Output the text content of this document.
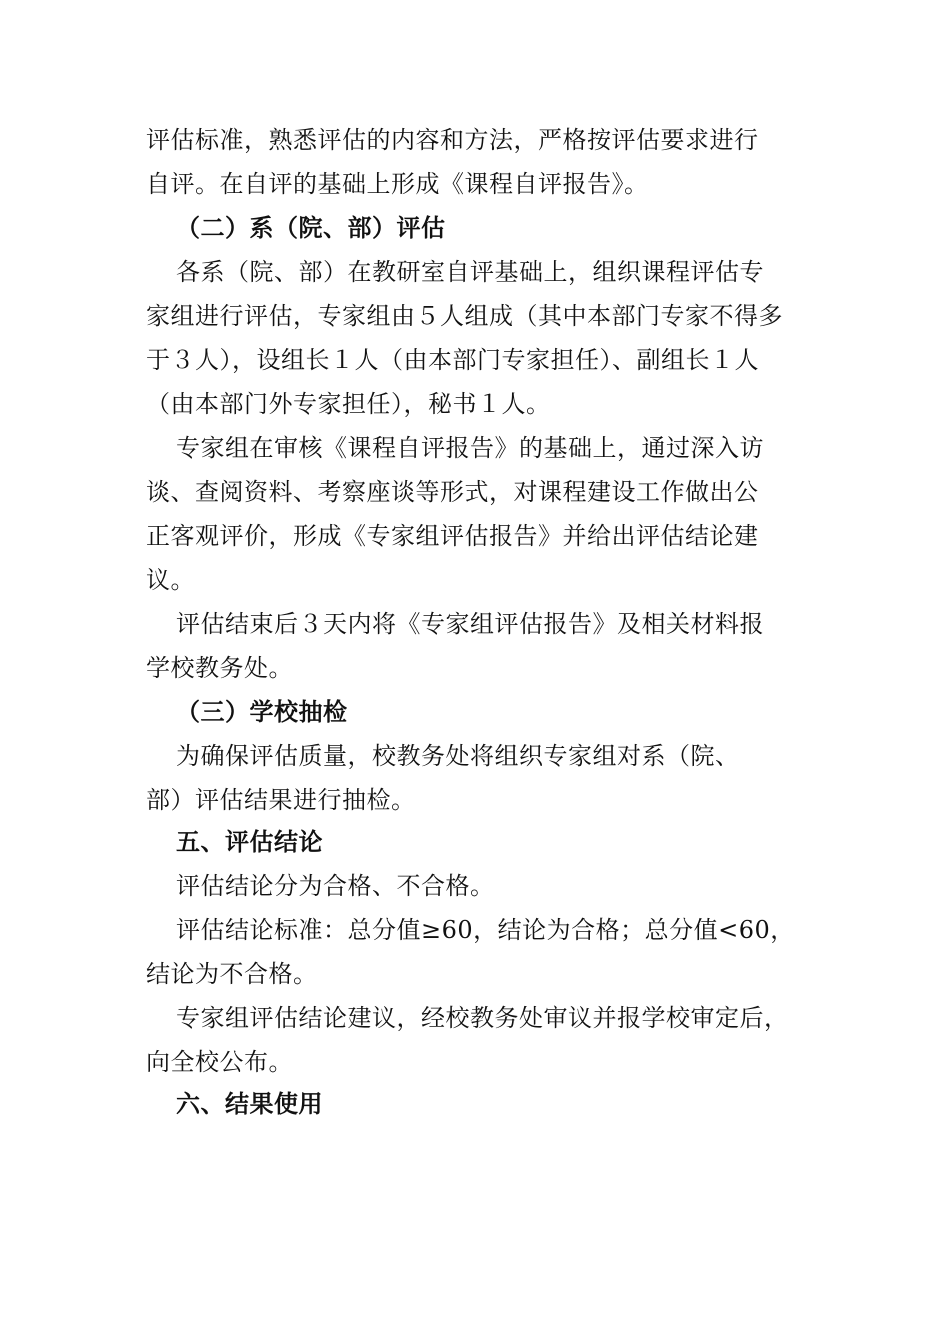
评估标准，熟悉评估的内容和方法，严格按评估要求进行
自评。在自评的基础上形成《课程自评报告》。
（二）系（院、部）评估
各系（院、部）在教研室自评基础上，组织课程评估专
家组进行评估，专家组由５人组成（其中本部门专家不得多
于３人），设组长１人（由本部门专家担任）、副组长１人
（由本部门外专家担任），秘书１人。
专家组在审核《课程自评报告》的基础上，通过深入访
谈、查阅资料、考察座谈等形式，对课程建设工作做出公
正客观评价，形成《专家组评估报告》并给出评估结论建
议。
评估结束后３天内将《专家组评估报告》及相关材料报
学校教务处。
（三）学校抽检
为确保评估质量，校教务处将组织专家组对系（院、
部）评估结果进行抽检。
五、评估结论
评估结论分为合格、不合格。
评估结论标准：总分值≥60，结论为合格；总分值<60，
结论为不合格。
专家组评估结论建议，经校教务处审议并报学校审定后，
向全校公布。
六、结果使用
